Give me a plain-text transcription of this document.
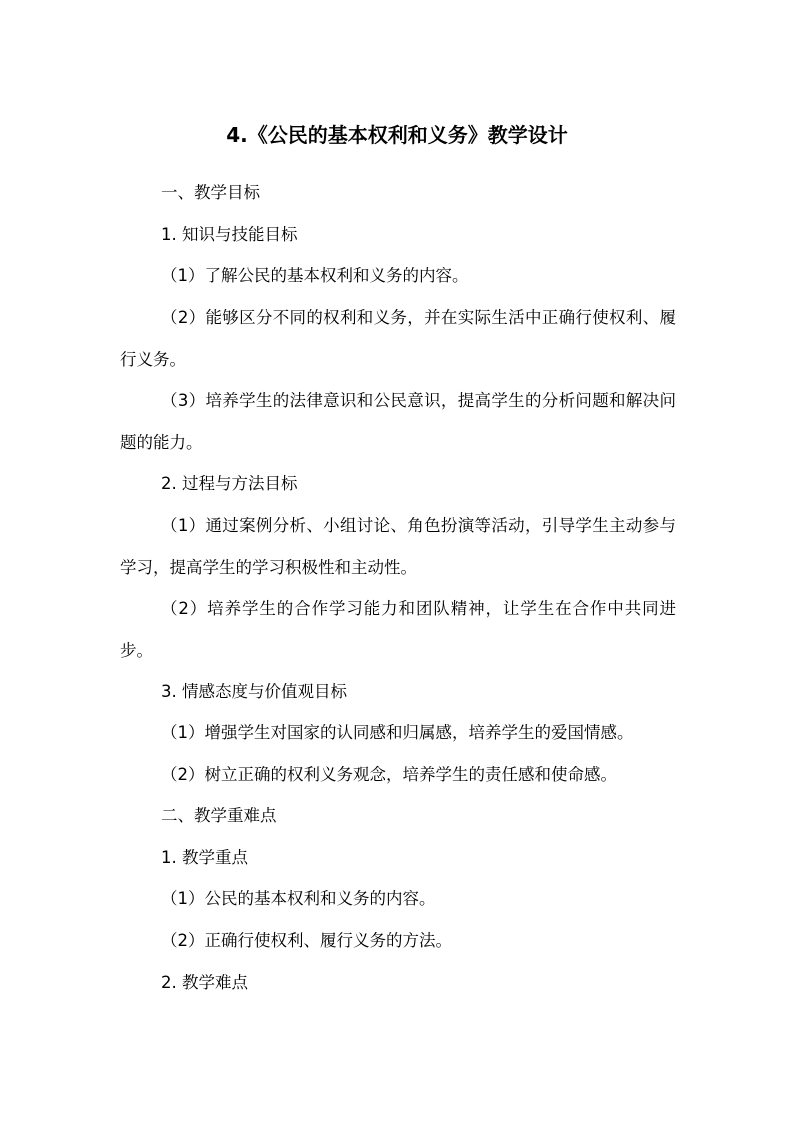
4.《公民的基本权利和义务》教学设计

一、教学目标

1. 知识与技能目标

（1）了解公民的基本权利和义务的内容。

（2）能够区分不同的权利和义务，并在实际生活中正确行使权利、履行义务。

（3）培养学生的法律意识和公民意识，提高学生的分析问题和解决问题的能力。

2. 过程与方法目标

（1）通过案例分析、小组讨论、角色扮演等活动，引导学生主动参与学习，提高学生的学习积极性和主动性。

（2）培养学生的合作学习能力和团队精神，让学生在合作中共同进步。

3. 情感态度与价值观目标

（1）增强学生对国家的认同感和归属感，培养学生的爱国情感。

（2）树立正确的权利义务观念，培养学生的责任感和使命感。

二、教学重难点

1. 教学重点

（1）公民的基本权利和义务的内容。

（2）正确行使权利、履行义务的方法。

2. 教学难点
